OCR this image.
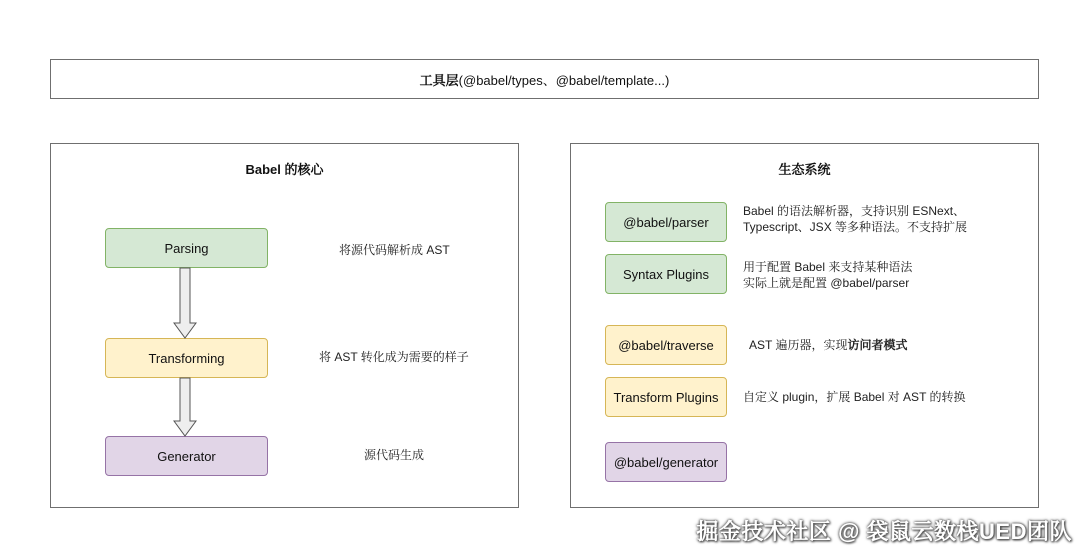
工具层 (@babel/types、@babel/template...)
Babel 的核心
Parsing
Transforming
Generator
将源代码解析成 AST
将 AST 转化成为需要的样子
源代码生成
生态系统
@babel/parser
Syntax Plugins
@babel/traverse
Transform Plugins
@babel/generator
Babel 的语法解析器，支持识别 ESNext、
Typescript、JSX 等多种语法。不支持扩展
用于配置 Babel 来支持某种语法
实际上就是配置 @babel/parser
AST 遍历器，实现访问者模式
自定义 plugin，扩展 Babel 对 AST 的转换
掘金技术社区 @ 袋鼠云数栈UED团队
